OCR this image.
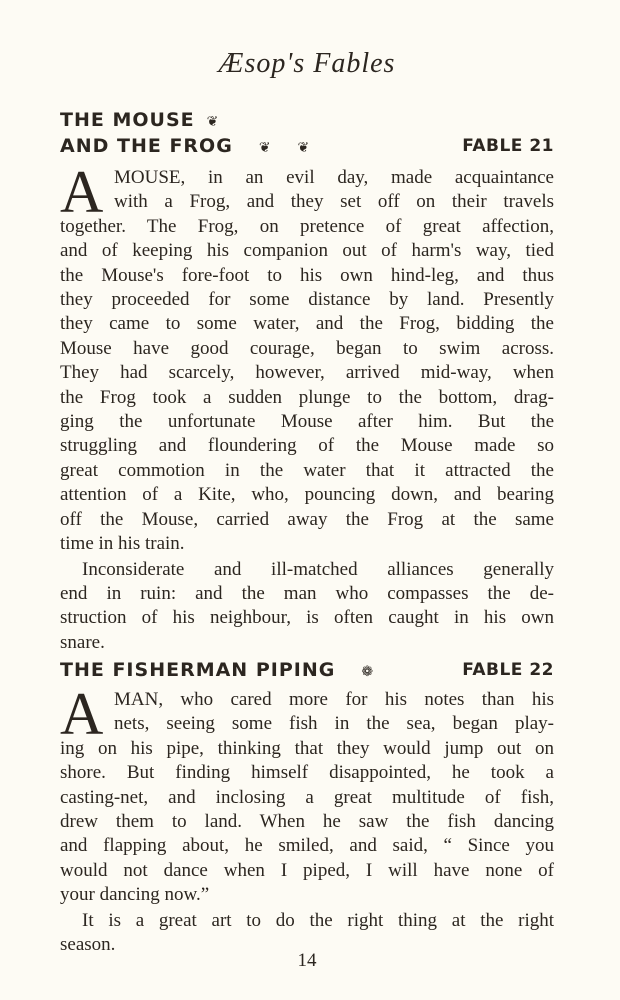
Æsop's Fables
THE MOUSE ❦
AND THE FROG ❦ ❦	FABLE 21
A MOUSE, in an evil day, made acquaintance
with a Frog, and they set off on their travels
together. The Frog, on pretence of great affection,
and of keeping his companion out of harm's way, tied
the Mouse's fore-foot to his own hind-leg, and thus
they proceeded for some distance by land. Presently
they came to some water, and the Frog, bidding the
Mouse have good courage, began to swim across.
They had scarcely, however, arrived mid-way, when
the Frog took a sudden plunge to the bottom, drag-
ging the unfortunate Mouse after him. But the
struggling and floundering of the Mouse made so
great commotion in the water that it attracted the
attention of a Kite, who, pouncing down, and bearing
off the Mouse, carried away the Frog at the same
time in his train.
Inconsiderate and ill-matched alliances generally
end in ruin: and the man who compasses the de-
struction of his neighbour, is often caught in his own
snare.
THE FISHERMAN PIPING ❁	FABLE 22
A MAN, who cared more for his notes than his
nets, seeing some fish in the sea, began play-
ing on his pipe, thinking that they would jump out on
shore. But finding himself disappointed, he took a
casting-net, and inclosing a great multitude of fish,
drew them to land. When he saw the fish dancing
and flapping about, he smiled, and said, “ Since you
would not dance when I piped, I will have none of
your dancing now.”
It is a great art to do the right thing at the right
season.
14
